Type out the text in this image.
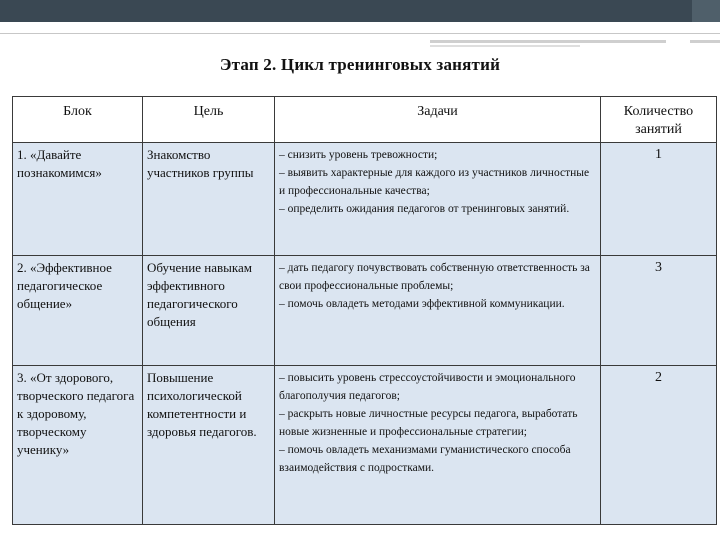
Этап 2. Цикл тренинговых занятий
Блок	Цель	Задачи	Количество занятий
1. «Давайте познакомимся»	Знакомство участников группы	– снизить уровень тревожности;
– выявить характерные для каждого из участников личностные и профессиональные качества;
– определить ожидания педагогов от тренинговых занятий.	1
2. «Эффективное педагогическое общение»	Обучение навыкам эффективного педагогического общения	– дать педагогу почувствовать собственную ответственность за свои профессиональные проблемы;
– помочь овладеть методами эффективной коммуникации.	3
3. «От здорового, творческого педагога к здоровому, творческому ученику»	Повышение психологической компетентности и здоровья педагогов.	– повысить уровень стрессоустойчивости и эмоционального благополучия педагогов;
– раскрыть новые личностные ресурсы педагога, выработать новые жизненные и профессиональные стратегии;
– помочь овладеть механизмами гуманистического способа взаимодействия с подростками.	2
